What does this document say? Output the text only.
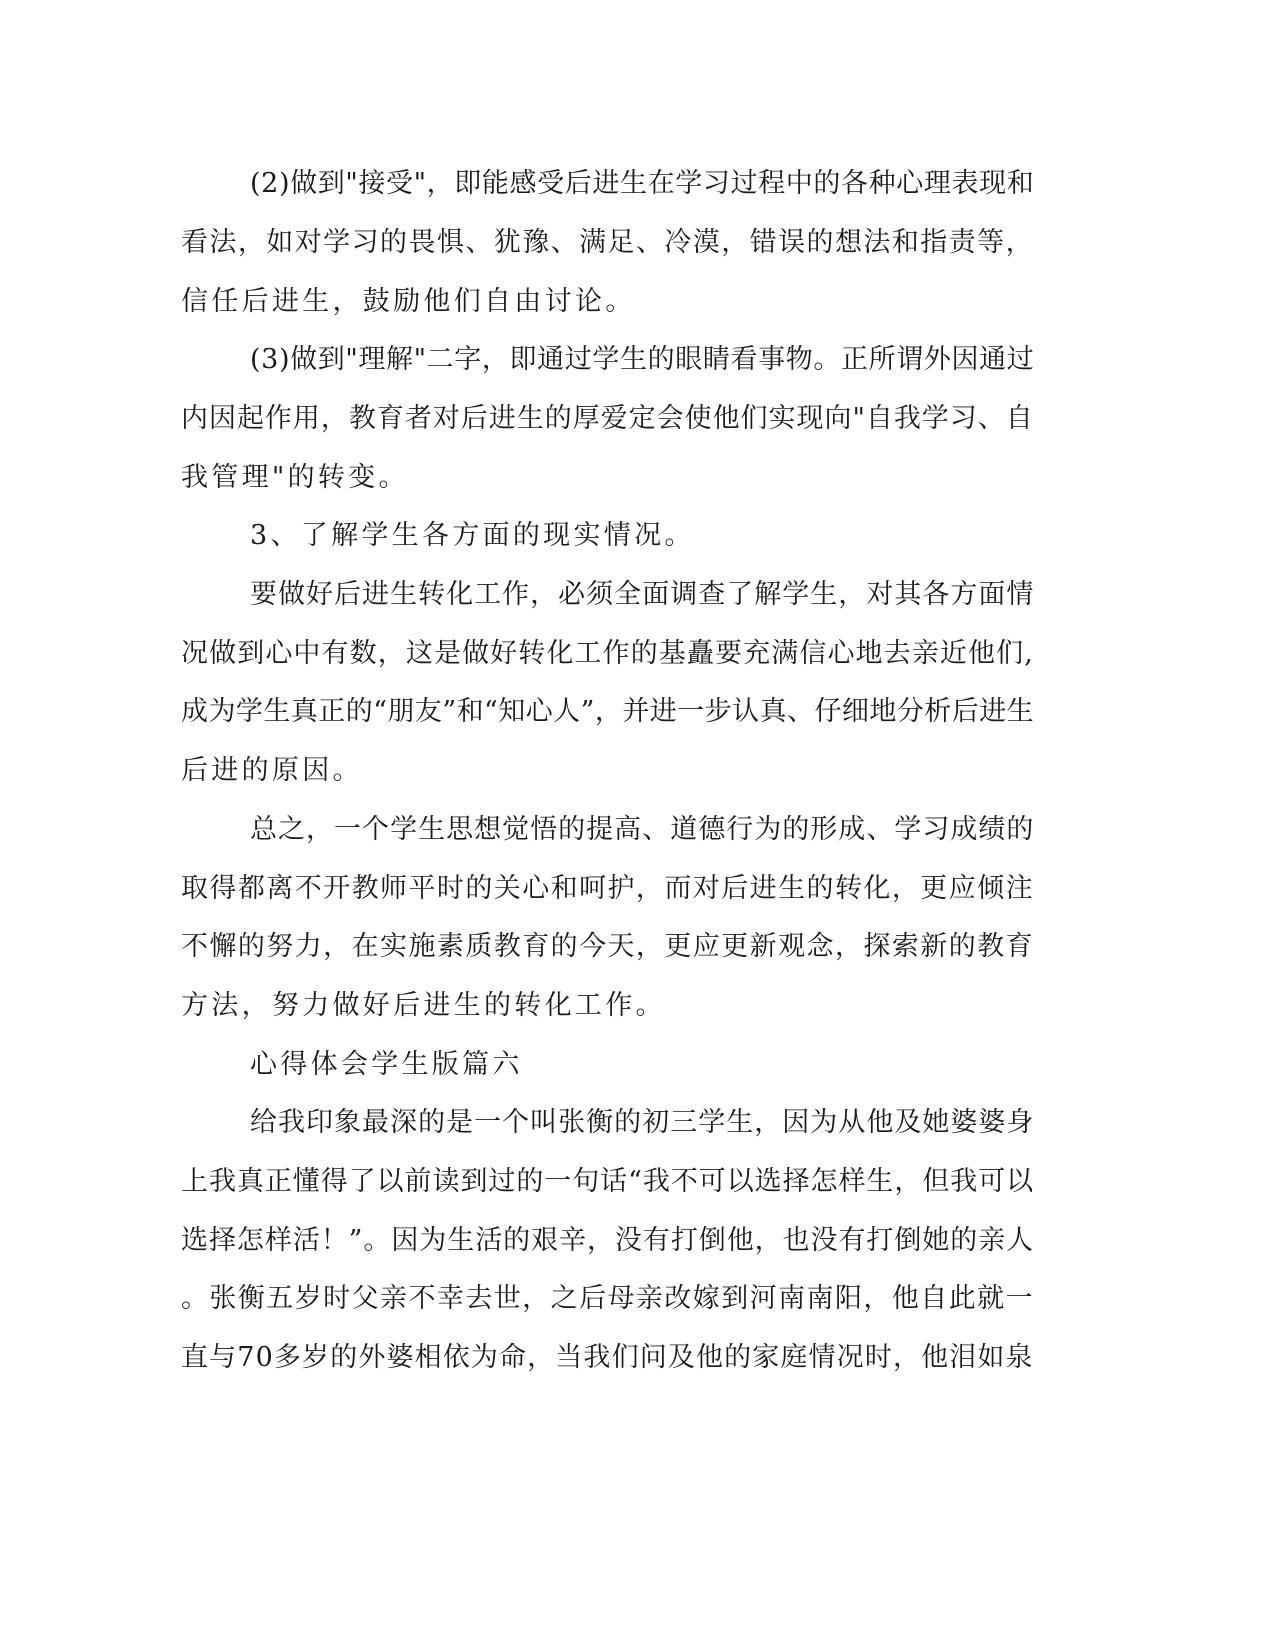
(2)做到"接受"，即能感受后进生在学习过程中的各种心理表现和
看法，如对学习的畏惧、犹豫、满足、冷漠，错误的想法和指责等，
信任后进生，鼓励他们自由讨论。
(3)做到"理解"二字，即通过学生的眼睛看事物。正所谓外因通过
内因起作用，教育者对后进生的厚爱定会使他们实现向"自我学习、自
我管理"的转变。
3、了解学生各方面的现实情况。
要做好后进生转化工作，必须全面调查了解学生，对其各方面情
况做到心中有数，这是做好转化工作的基矗要充满信心地去亲近他们,
成为学生真正的“朋友”和“知心人”，并进一步认真、仔细地分析后进生
后进的原因。
总之，一个学生思想觉悟的提高、道德行为的形成、学习成绩的
取得都离不开教师平时的关心和呵护，而对后进生的转化，更应倾注
不懈的努力，在实施素质教育的今天，更应更新观念，探索新的教育
方法，努力做好后进生的转化工作。
心得体会学生版篇六
给我印象最深的是一个叫张衡的初三学生，因为从他及她婆婆身
上我真正懂得了以前读到过的一句话“我不可以选择怎样生，但我可以
选择怎样活！”。因为生活的艰辛，没有打倒他，也没有打倒她的亲人
。张衡五岁时父亲不幸去世，之后母亲改嫁到河南南阳，他自此就一
直与70多岁的外婆相依为命，当我们问及他的家庭情况时，他泪如泉
